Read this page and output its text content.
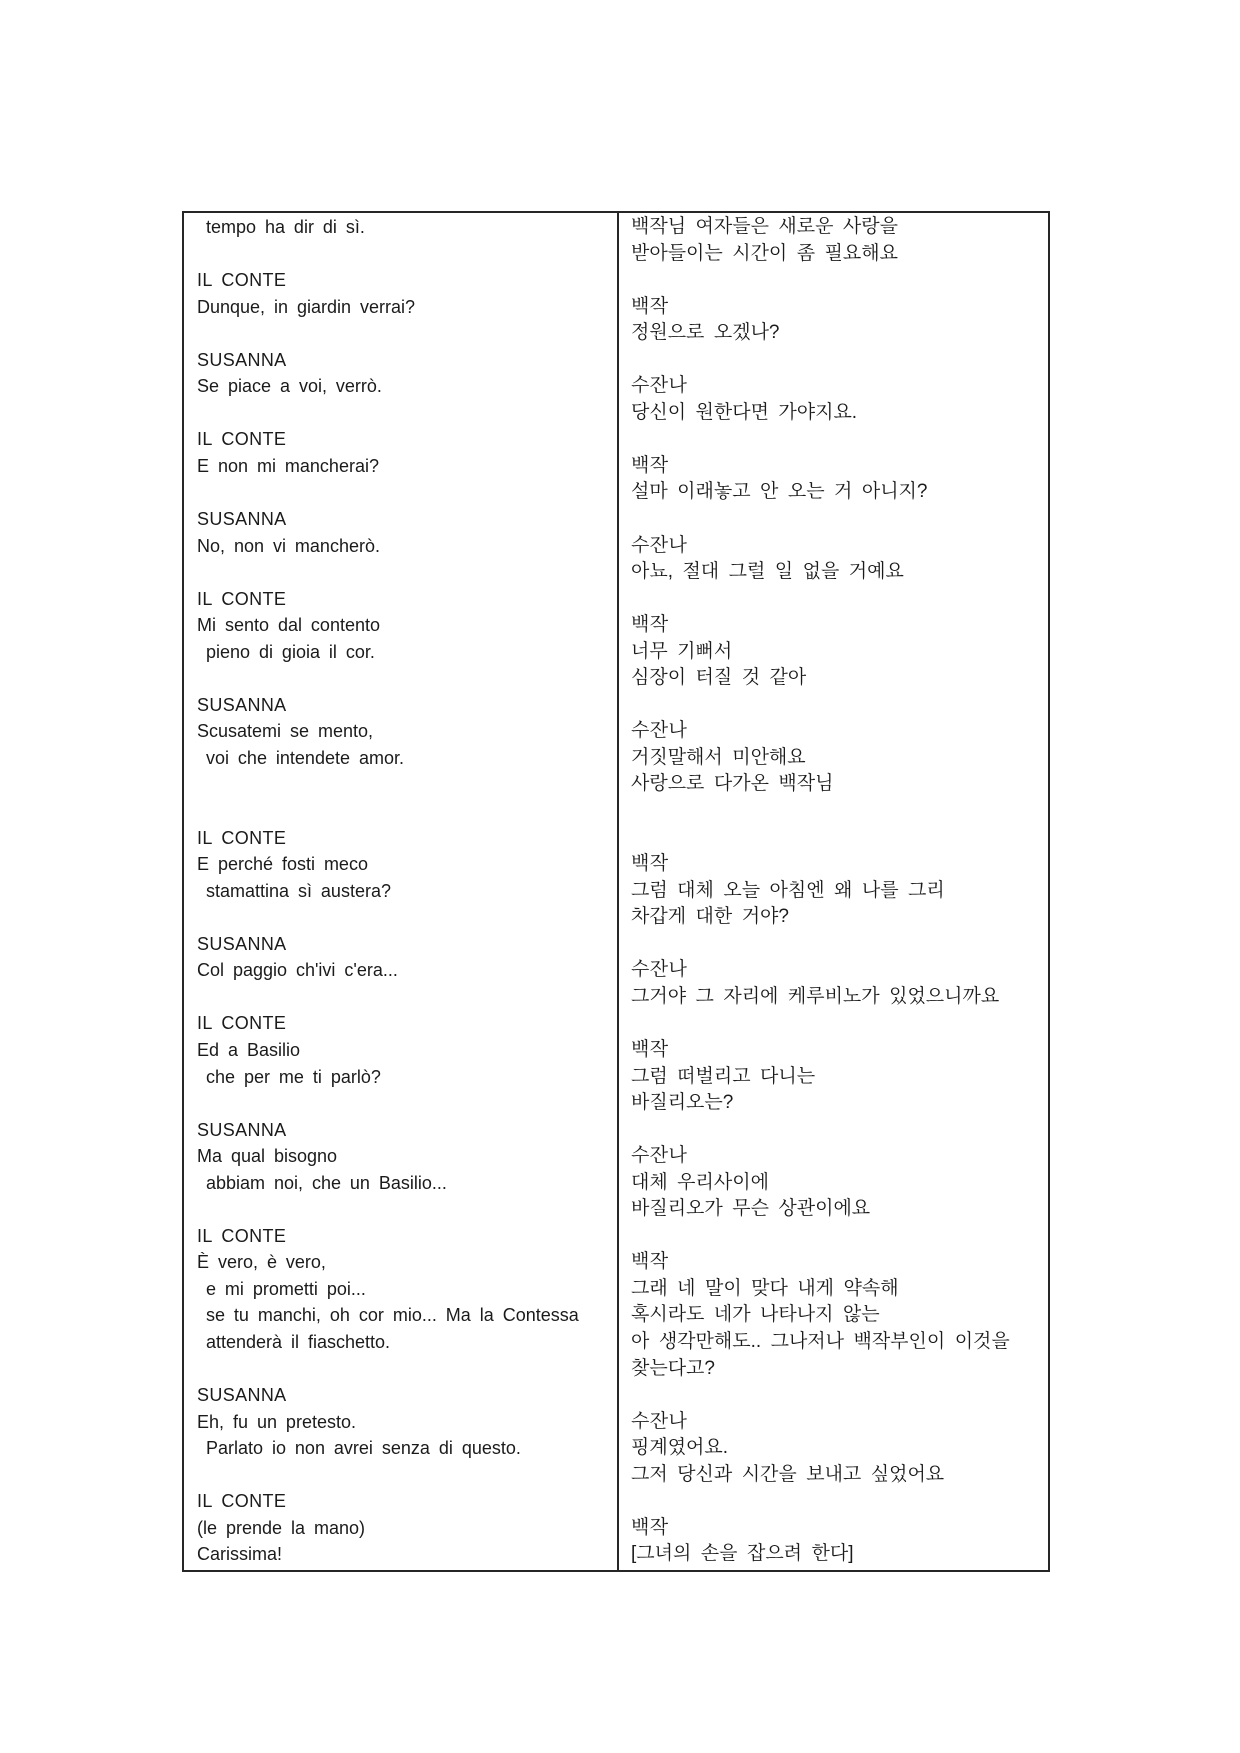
tempo ha dir di sì.
IL CONTE
Dunque, in giardin verrai?
SUSANNA
Se piace a voi, verrò.
IL CONTE
E non mi mancherai?
SUSANNA
No, non vi mancherò.
IL CONTE
Mi sento dal contento
pieno di gioia il cor.
SUSANNA
Scusatemi se mento,
voi che intendete amor.
IL CONTE
E perché fosti meco
stamattina sì austera?
SUSANNA
Col paggio ch'ivi c'era...
IL CONTE
Ed a Basilio
che per me ti parlò?
SUSANNA
Ma qual bisogno
abbiam noi, che un Basilio...
IL CONTE
È vero, è vero,
e mi prometti poi...
se tu manchi, oh cor mio... Ma la Contessa
attenderà il fiaschetto.
SUSANNA
Eh, fu un pretesto.
Parlato io non avrei senza di questo.
IL CONTE
(le prende la mano)
Carissima!
백작님 여자들은 새로운 사랑을
받아들이는 시간이 좀 필요해요
백작
정원으로 오겠나?
수잔나
당신이 원한다면 가야지요.
백작
설마 이래놓고 안 오는 거 아니지?
수잔나
아뇨, 절대 그럴 일 없을 거예요
백작
너무 기뻐서
심장이 터질 것 같아
수잔나
거짓말해서 미안해요
사랑으로 다가온 백작님
백작
그럼 대체 오늘 아침엔 왜 나를 그리
차갑게 대한 거야?
수잔나
그거야 그 자리에 케루비노가 있었으니까요
백작
그럼 떠벌리고 다니는
바질리오는?
수잔나
대체 우리사이에
바질리오가 무슨 상관이에요
백작
그래 네 말이 맞다 내게 약속해
혹시라도 네가 나타나지 않는
아 생각만해도.. 그나저나 백작부인이 이것을
찾는다고?
수잔나
핑계였어요.
그저 당신과 시간을 보내고 싶었어요
백작
[그녀의 손을 잡으려 한다]
